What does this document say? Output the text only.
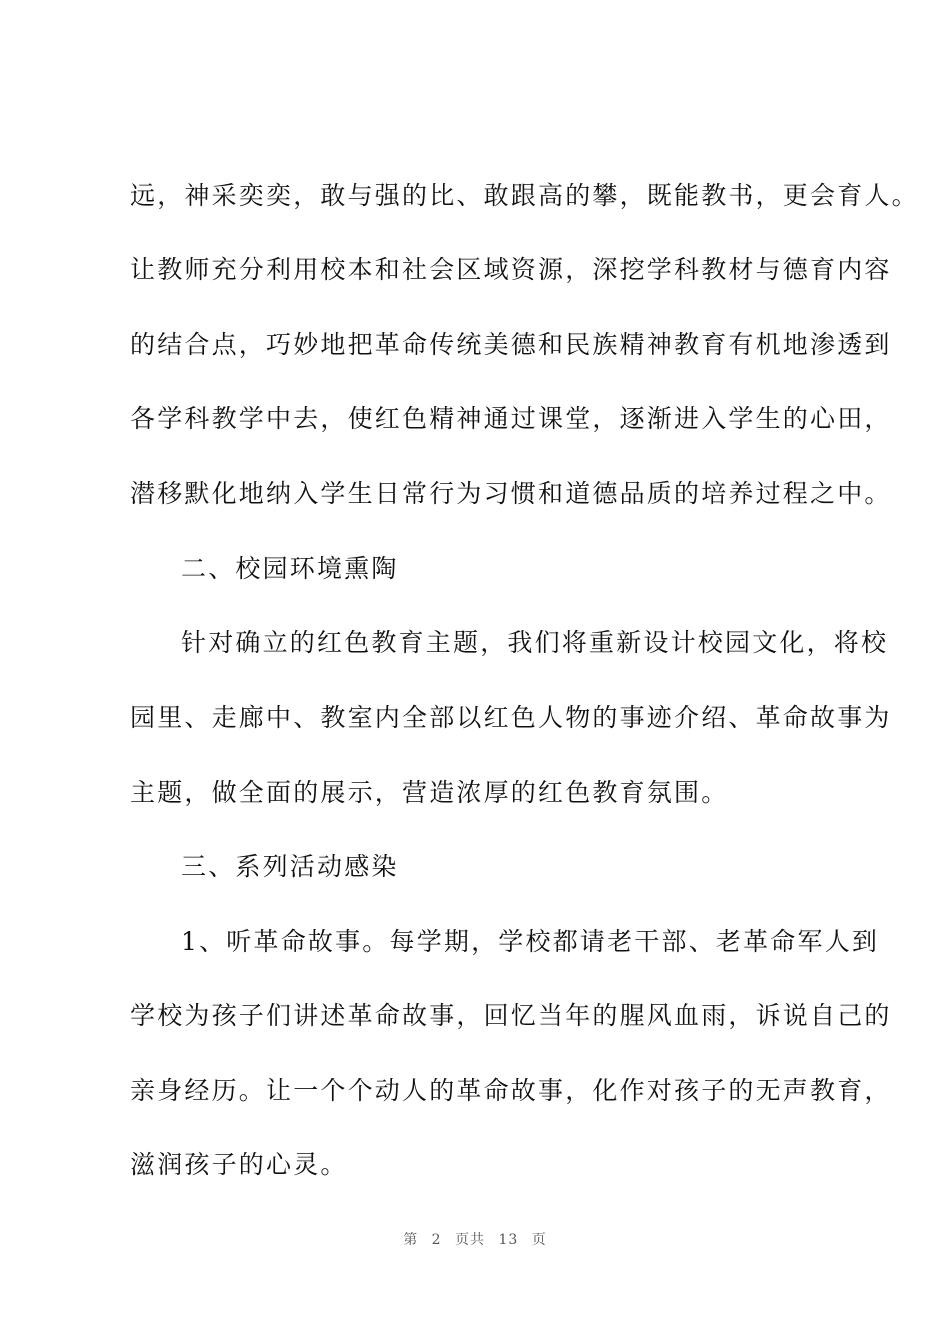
远，神采奕奕，敢与强的比、敢跟高的攀，既能教书，更会育人。
让教师充分利用校本和社会区域资源，深挖学科教材与德育内容
的结合点，巧妙地把革命传统美德和民族精神教育有机地渗透到
各学科教学中去，使红色精神通过课堂，逐渐进入学生的心田，
潜移默化地纳入学生日常行为习惯和道德品质的培养过程之中。
二、校园环境熏陶
针对确立的红色教育主题，我们将重新设计校园文化，将校
园里、走廊中、教室内全部以红色人物的事迹介绍、革命故事为
主题，做全面的展示，营造浓厚的红色教育氛围。
三、系列活动感染
1、听革命故事。每学期，学校都请老干部、老革命军人到
学校为孩子们讲述革命故事，回忆当年的腥风血雨，诉说自己的
亲身经历。让一个个动人的革命故事，化作对孩子的无声教育，
滋润孩子的心灵。
第 2 页共 13 页
